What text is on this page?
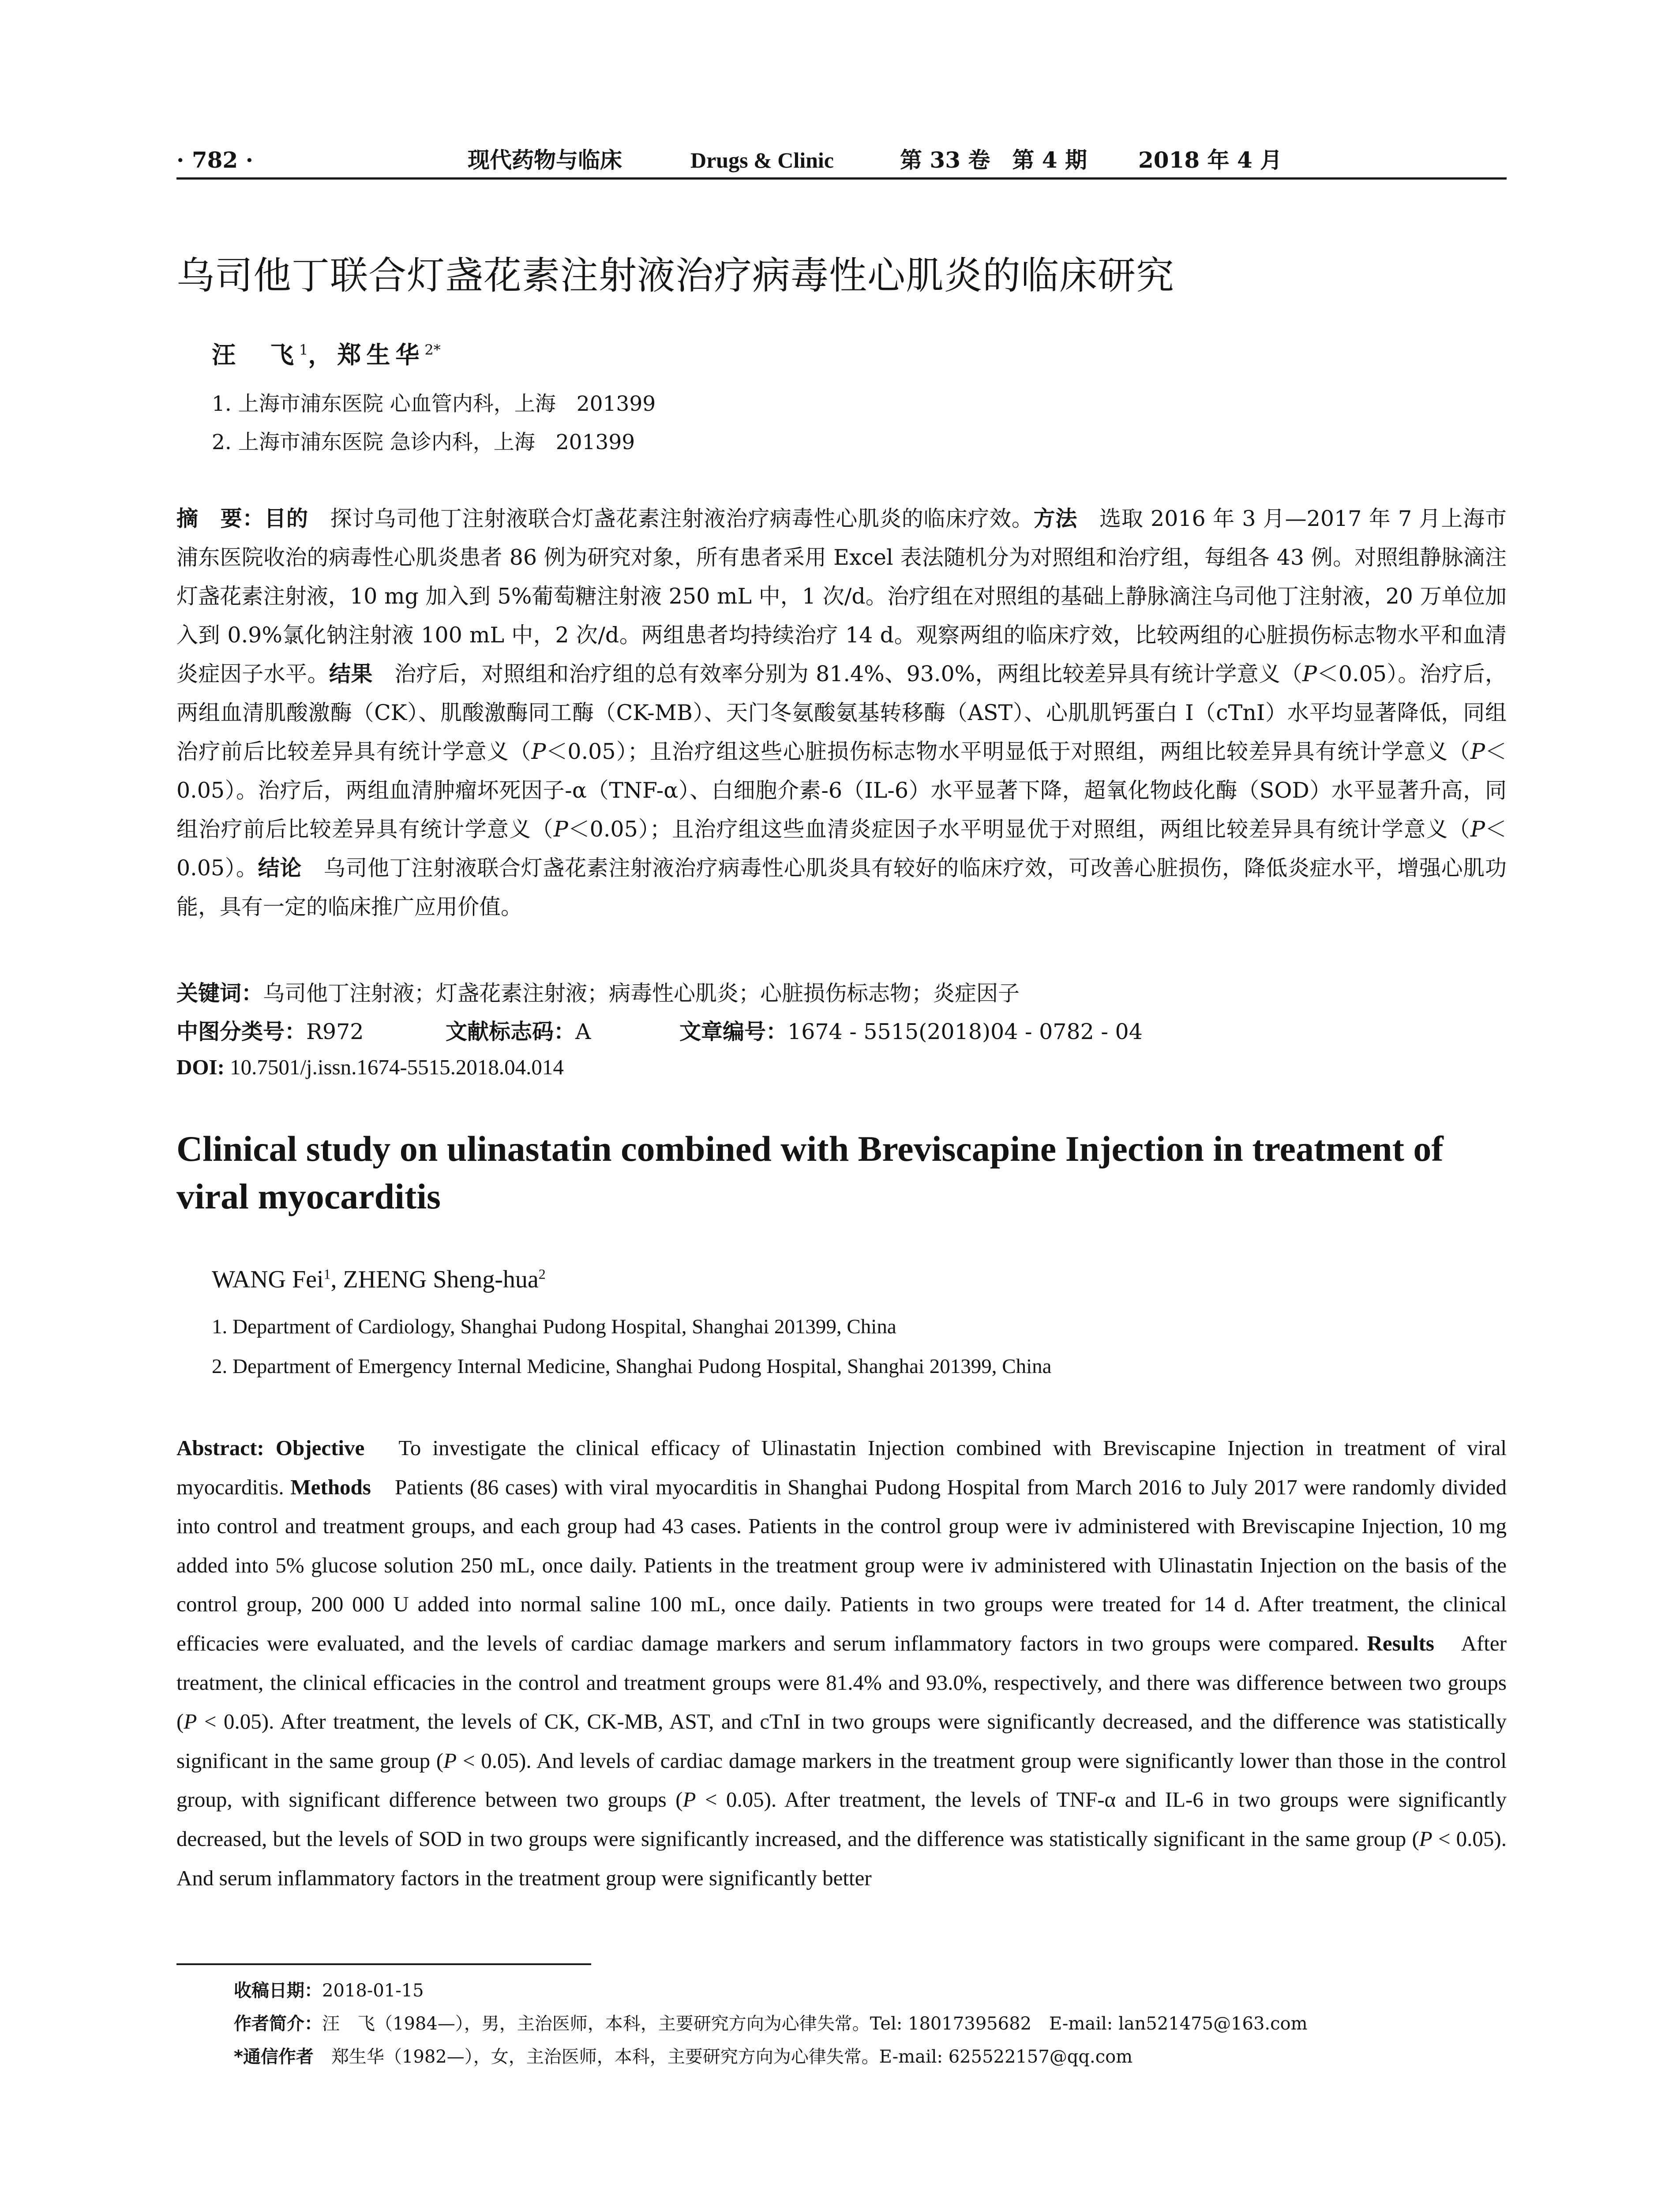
· 782 ·	现代药物与临床	Drugs & Clinic	第 33 卷　第 4 期 2018 年 4 月
乌司他丁联合灯盏花素注射液治疗病毒性心肌炎的临床研究
汪　飞$^1$，郑生华$^{2*}$
1. 上海市浦东医院 心血管内科，上海　201399
2. 上海市浦东医院 急诊内科，上海　201399
摘　要：目的　探讨乌司他丁注射液联合灯盏花素注射液治疗病毒性心肌炎的临床疗效。方法　选取 2016 年 3 月—2017 年 7 月上海市浦东医院收治的病毒性心肌炎患者 86 例为研究对象，所有患者采用 Excel 表法随机分为对照组和治疗组，每组各 43 例。对照组静脉滴注灯盏花素注射液，10 mg 加入到 5%葡萄糖注射液 250 mL 中，1 次/d。治疗组在对照组的基础上静脉滴注乌司他丁注射液，20 万单位加入到 0.9%氯化钠注射液 100 mL 中，2 次/d。两组患者均持续治疗 14 d。观察两组的临床疗效，比较两组的心脏损伤标志物水平和血清炎症因子水平。结果　治疗后，对照组和治疗组的总有效率分别为 81.4%、93.0%，两组比较差异具有统计学意义（P＜0.05）。治疗后，两组血清肌酸激酶（CK）、肌酸激酶同工酶（CK-MB）、天门冬氨酸氨基转移酶（AST）、心肌肌钙蛋白 I（cTnI）水平均显著降低，同组治疗前后比较差异具有统计学意义（P＜0.05）；且治疗组这些心脏损伤标志物水平明显低于对照组，两组比较差异具有统计学意义（P＜0.05）。治疗后，两组血清肿瘤坏死因子-α（TNF-α）、白细胞介素-6（IL-6）水平显著下降，超氧化物歧化酶（SOD）水平显著升高，同组治疗前后比较差异具有统计学意义（P＜0.05）；且治疗组这些血清炎症因子水平明显优于对照组，两组比较差异具有统计学意义（P＜0.05）。结论　乌司他丁注射液联合灯盏花素注射液治疗病毒性心肌炎具有较好的临床疗效，可改善心脏损伤，降低炎症水平，增强心肌功能，具有一定的临床推广应用价值。
关键词：乌司他丁注射液；灯盏花素注射液；病毒性心肌炎；心脏损伤标志物；炎症因子
中图分类号：R972	文献标志码：A	文章编号：1674 - 5515(2018)04 - 0782 - 04
DOI: 10.7501/j.issn.1674-5515.2018.04.014
Clinical study on ulinastatin combined with Breviscapine Injection in treatment of viral myocarditis
WANG Fei$^1$, ZHENG Sheng-hua$^2$
1. Department of Cardiology, Shanghai Pudong Hospital, Shanghai 201399, China
2. Department of Emergency Internal Medicine, Shanghai Pudong Hospital, Shanghai 201399, China
Abstract: Objective　To investigate the clinical efficacy of Ulinastatin Injection combined with Breviscapine Injection in treatment of viral myocarditis. Methods　Patients (86 cases) with viral myocarditis in Shanghai Pudong Hospital from March 2016 to July 2017 were randomly divided into control and treatment groups, and each group had 43 cases. Patients in the control group were iv administered with Breviscapine Injection, 10 mg added into 5% glucose solution 250 mL, once daily. Patients in the treatment group were iv administered with Ulinastatin Injection on the basis of the control group, 200 000 U added into normal saline 100 mL, once daily. Patients in two groups were treated for 14 d. After treatment, the clinical efficacies were evaluated, and the levels of cardiac damage markers and serum inflammatory factors in two groups were compared. Results　After treatment, the clinical efficacies in the control and treatment groups were 81.4% and 93.0%, respectively, and there was difference between two groups (P < 0.05). After treatment, the levels of CK, CK-MB, AST, and cTnI in two groups were significantly decreased, and the difference was statistically significant in the same group (P < 0.05). And levels of cardiac damage markers in the treatment group were significantly lower than those in the control group, with significant difference between two groups (P < 0.05). After treatment, the levels of TNF-α and IL-6 in two groups were significantly decreased, but the levels of SOD in two groups were significantly increased, and the difference was statistically significant in the same group (P < 0.05). And serum inflammatory factors in the treatment group were significantly better
收稿日期：2018-01-15
作者简介：汪　飞（1984—），男，主治医师，本科，主要研究方向为心律失常。Tel: 18017395682　E-mail: lan521475@163.com
*通信作者　郑生华（1982—），女，主治医师，本科，主要研究方向为心律失常。E-mail: 625522157@qq.com
